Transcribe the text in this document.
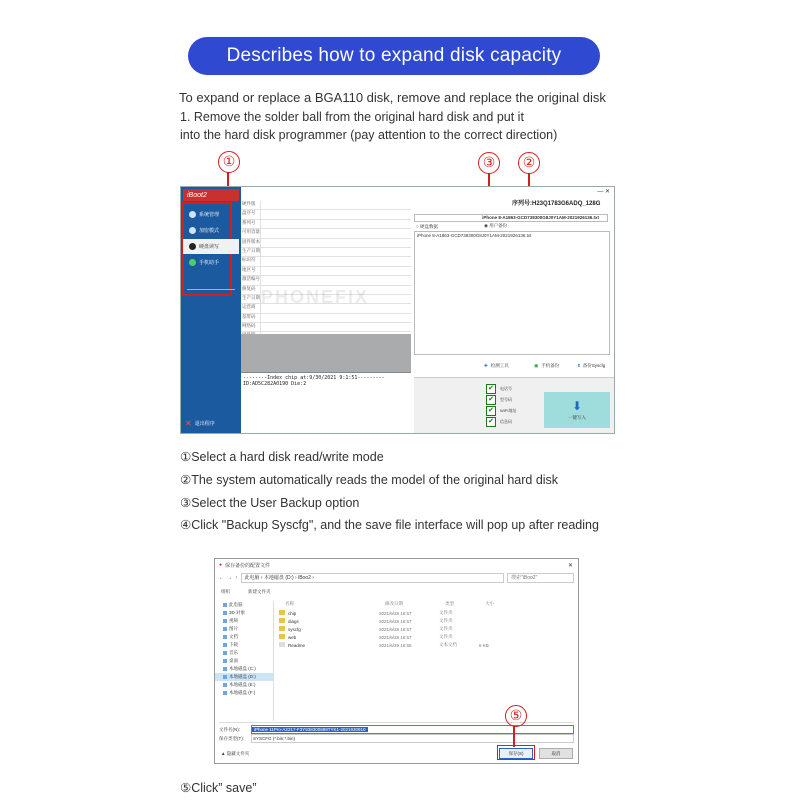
Describes how to expand disk capacity
To expand or replace a BGA110 disk, remove and replace the original disk
1. Remove the solder ball from the original hard disk and put it
into the hard disk programmer (pay attention to the correct direction)
①	③	②
iBoot2
系统管理
加密模式
硬盘读写
手机助手
✕ 退出程序
硬件版
盘序号
系列号
可用容量
固件版本
生产日期
标识符
地区号
激活编号
修复码
生产日期
运营商
基带码
网络码
--------Index chip at:9/30/2021 9:1:51---------
ID:AD5C282A0190 Die:2
PHONEFIX
— ✕
序列号:H23Q1783G6ADQ_128G
iPhone 8-A1863-GCD738300G8J0Y1AM-2021926136.txt
○ 硬盘数据	◉ 用户备份
iPhone 8-A1863-GCD738300G8J0Y1AM-2021926136.txt
✚ 检测工具	▣ 手机备份	⬆ 备份Syscfg
✔	电话号
✔	型号码
✔	WIFI地址
✔	信息码
⬇
一键写入
①Select a hard disk read/write mode
②The system automatically reads the model of the original hard disk
③Select the User Backup option
④Click "Backup Syscfg", and the save file interface will pop up after reading
● 保存备份的配置文件	✕
← → ↑	此电脑 › 本地磁盘 (D:) › iBoo2 ›	搜索"iBoo2"
组织	新建文件夹
此电脑
3D 对象
视频
图片
文档
下载
音乐
桌面
本地磁盘 (C:)
本地磁盘 (D:)
本地磁盘 (E:)
本地磁盘 (F:)
名称	修改日期	类型	大小
chip	2021/9/28 16:57	文件夹
diags	2021/9/28 16:57	文件夹
syscfg	2021/9/28 16:57	文件夹
web	2021/9/28 16:57	文件夹
Readme	2021/6/29 16:55	文本文档	6 KB
文件名(N):	iPhone 11Pro-A2217-F3Y938300889TYK1-2021930910
保存类型(T):	SYSCFG (*.bin;*.bin)
▲ 隐藏文件夹	保存(S)	取消
⑤
⑤Click” save”
